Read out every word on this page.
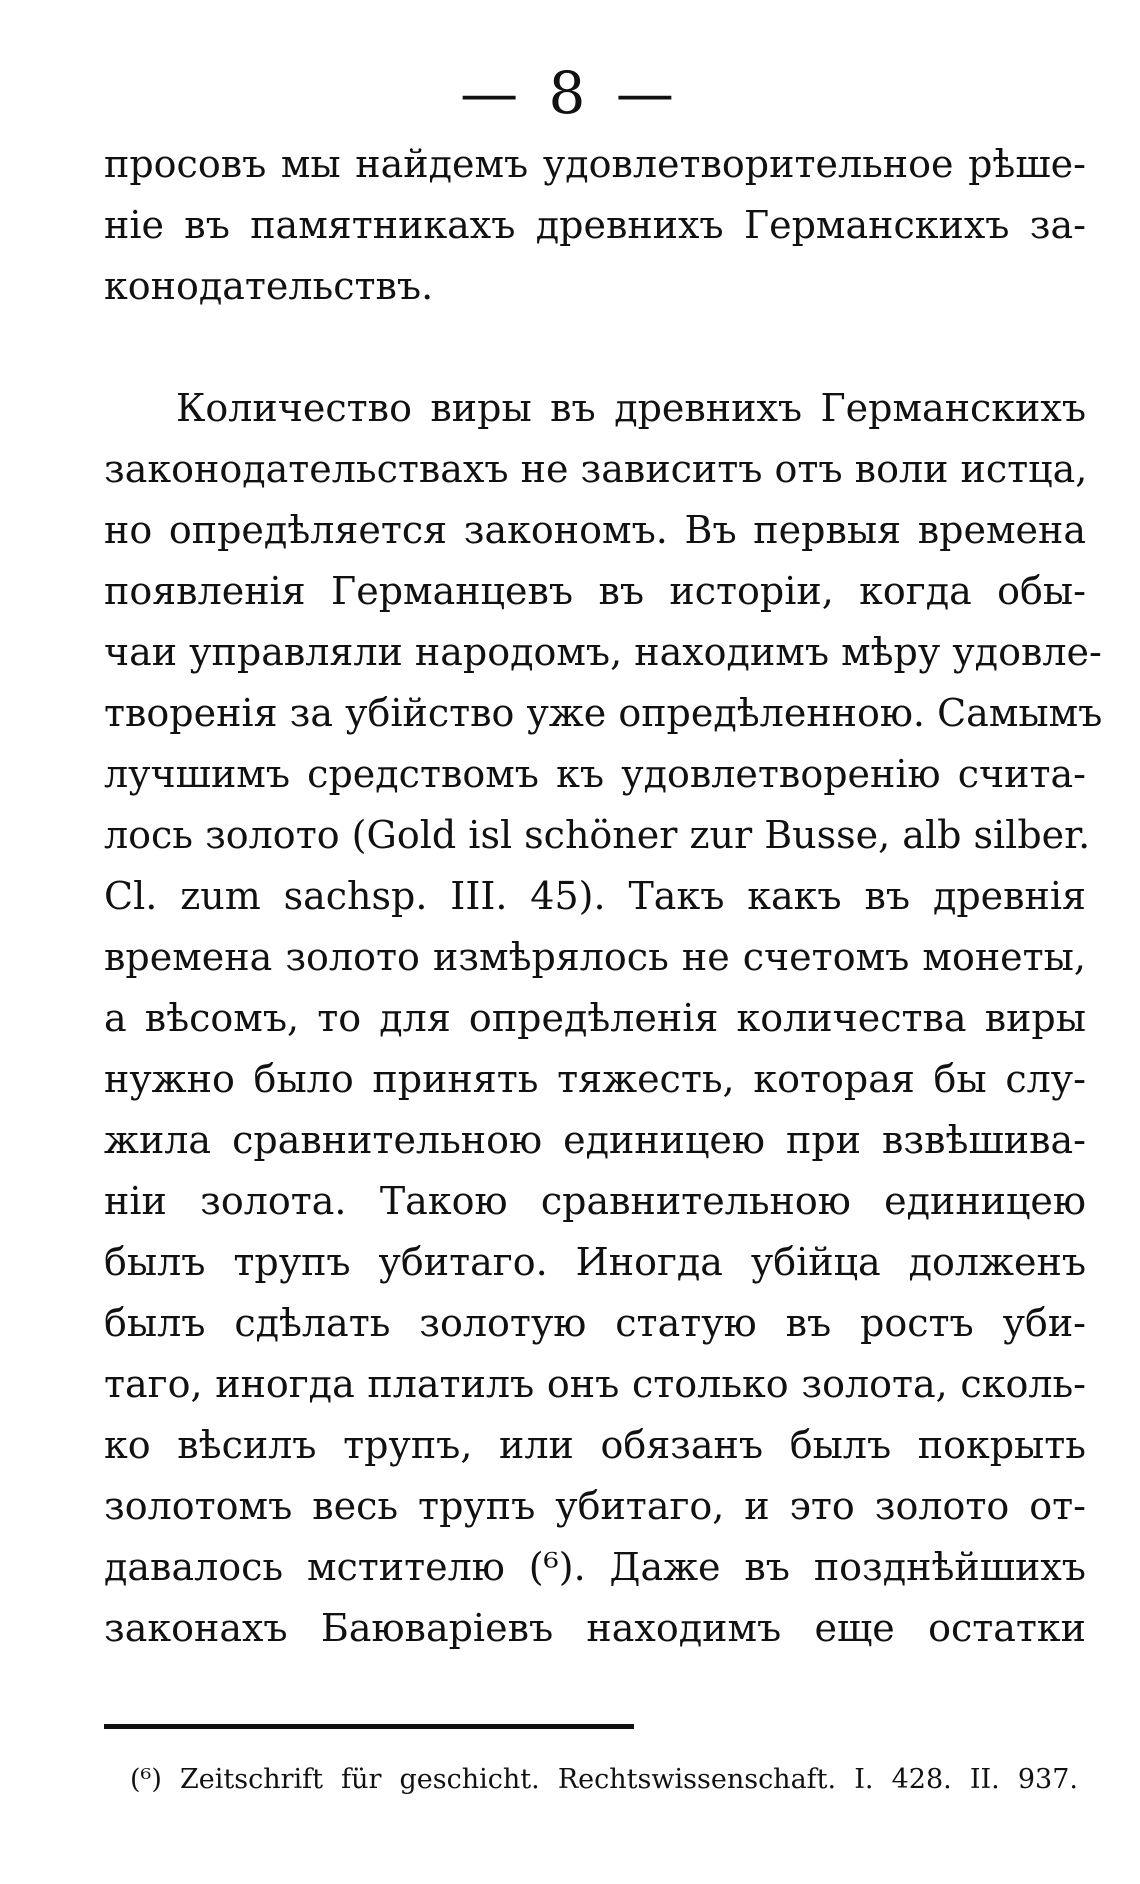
— 8 —
просовъ мы найдемъ удовлетворительное рѣше-
ніе въ памятникахъ древнихъ Германскихъ за-
конодательствъ.
Количество виры въ древнихъ Германскихъ
законодательствахъ не зависитъ отъ воли истца,
но опредѣляется закономъ. Въ первыя времена
появленія Германцевъ въ исторіи, когда обы-
чаи управляли народомъ, находимъ мѣру удовле-
творенія за убійство уже опредѣленною. Самымъ
лучшимъ средствомъ къ удовлетворенію счита-
лось золото (Gold isl schöner zur Busse, alb silber.
Cl. zum sachsp. III. 45). Такъ какъ въ древнія
времена золото измѣрялось не счетомъ монеты,
а вѣсомъ, то для опредѣленія количества виры
нужно было принять тяжесть, которая бы слу-
жила сравнительною единицею при взвѣшива-
ніи золота. Такою сравнительною единицею
былъ трупъ убитаго. Иногда убійца долженъ
былъ сдѣлать золотую статую въ ростъ уби-
таго, иногда платилъ онъ столько золота, сколь-
ко вѣсилъ трупъ, или обязанъ былъ покрыть
золотомъ весь трупъ убитаго, и это золото от-
давалось мстителю (⁶). Даже въ позднѣйшихъ
законахъ Баюваріевъ находимъ еще остатки
(⁶) Zeitschrift für geschicht. Rechtswissenschaft. I. 428. II. 937.
